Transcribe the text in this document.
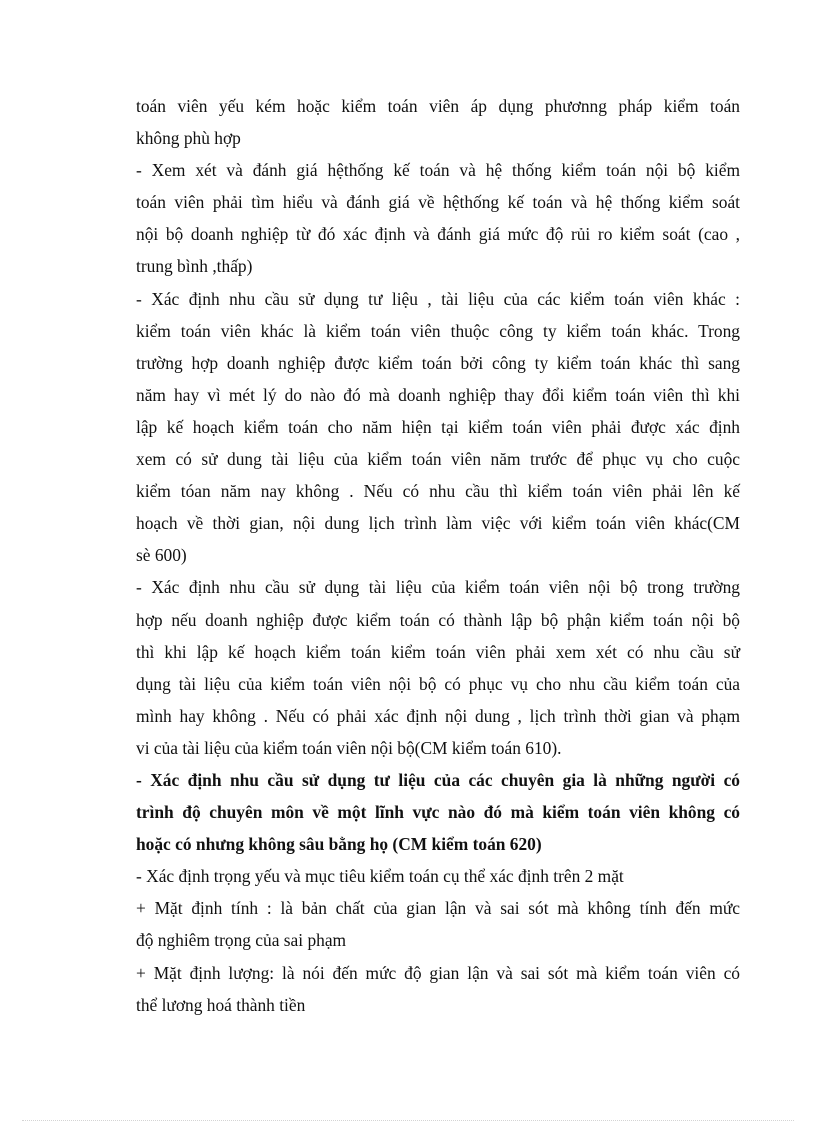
toán viên yếu kém hoặc kiểm toán viên áp dụng phươnng pháp kiểm toán
không phù hợp
- Xem xét và đánh giá hệthống kế toán và hệ thống kiểm toán nội bộ kiểm
toán viên phải tìm hiểu và đánh giá về hệthống kế toán và hệ thống kiểm soát
nội bộ doanh nghiệp từ đó xác định và đánh giá mức độ rủi ro kiểm soát (cao ,
trung bình ,thấp)
- Xác định nhu cầu sử dụng tư liệu , tài liệu của các kiểm toán viên khác :
kiểm toán viên khác là kiểm toán viên thuộc công ty kiểm toán khác. Trong
trường hợp doanh nghiệp được kiểm toán bởi công ty kiểm toán khác thì sang
năm hay vì mét lý do nào đó mà doanh nghiệp thay đổi kiểm toán viên thì khi
lập kế hoạch kiểm toán cho năm hiện tại kiểm toán viên phải được xác định
xem có sử dung tài liệu của kiểm toán viên năm trước để phục vụ cho cuộc
kiểm tóan năm nay không . Nếu có nhu cầu thì kiểm toán viên phải lên kế
hoạch về thời gian, nội dung lịch trình làm việc với kiểm toán viên khác(CM
sè 600)
- Xác định nhu cầu sử dụng tài liệu của kiểm toán viên nội bộ trong trường
hợp nếu doanh nghiệp được kiểm toán có thành lập bộ phận kiểm toán nội bộ
thì khi lập kế hoạch kiểm toán kiểm toán viên phải xem xét có nhu cầu sử
dụng tài liệu của kiểm toán viên nội bộ có phục vụ cho nhu cầu kiểm toán của
mình hay không . Nếu có phải xác định nội dung , lịch trình thời gian và phạm
vi của tài liệu của kiểm toán viên nội bộ(CM kiểm toán 610).
- Xác định nhu cầu sử dụng tư liệu của các chuyên gia là những người có
trình độ chuyên môn về một lĩnh vực nào đó mà kiểm toán viên không có
hoặc có nhưng không sâu bằng họ (CM kiểm toán 620)
- Xác định trọng yếu và mục tiêu kiểm toán cụ thể xác định trên 2 mặt
+ Mặt định tính : là bản chất của gian lận và sai sót mà không tính đến mức
độ nghiêm trọng của sai phạm
+ Mặt định lượng: là nói đến mức độ gian lận và sai sót mà kiểm toán viên có
thể lương hoá thành tiền
